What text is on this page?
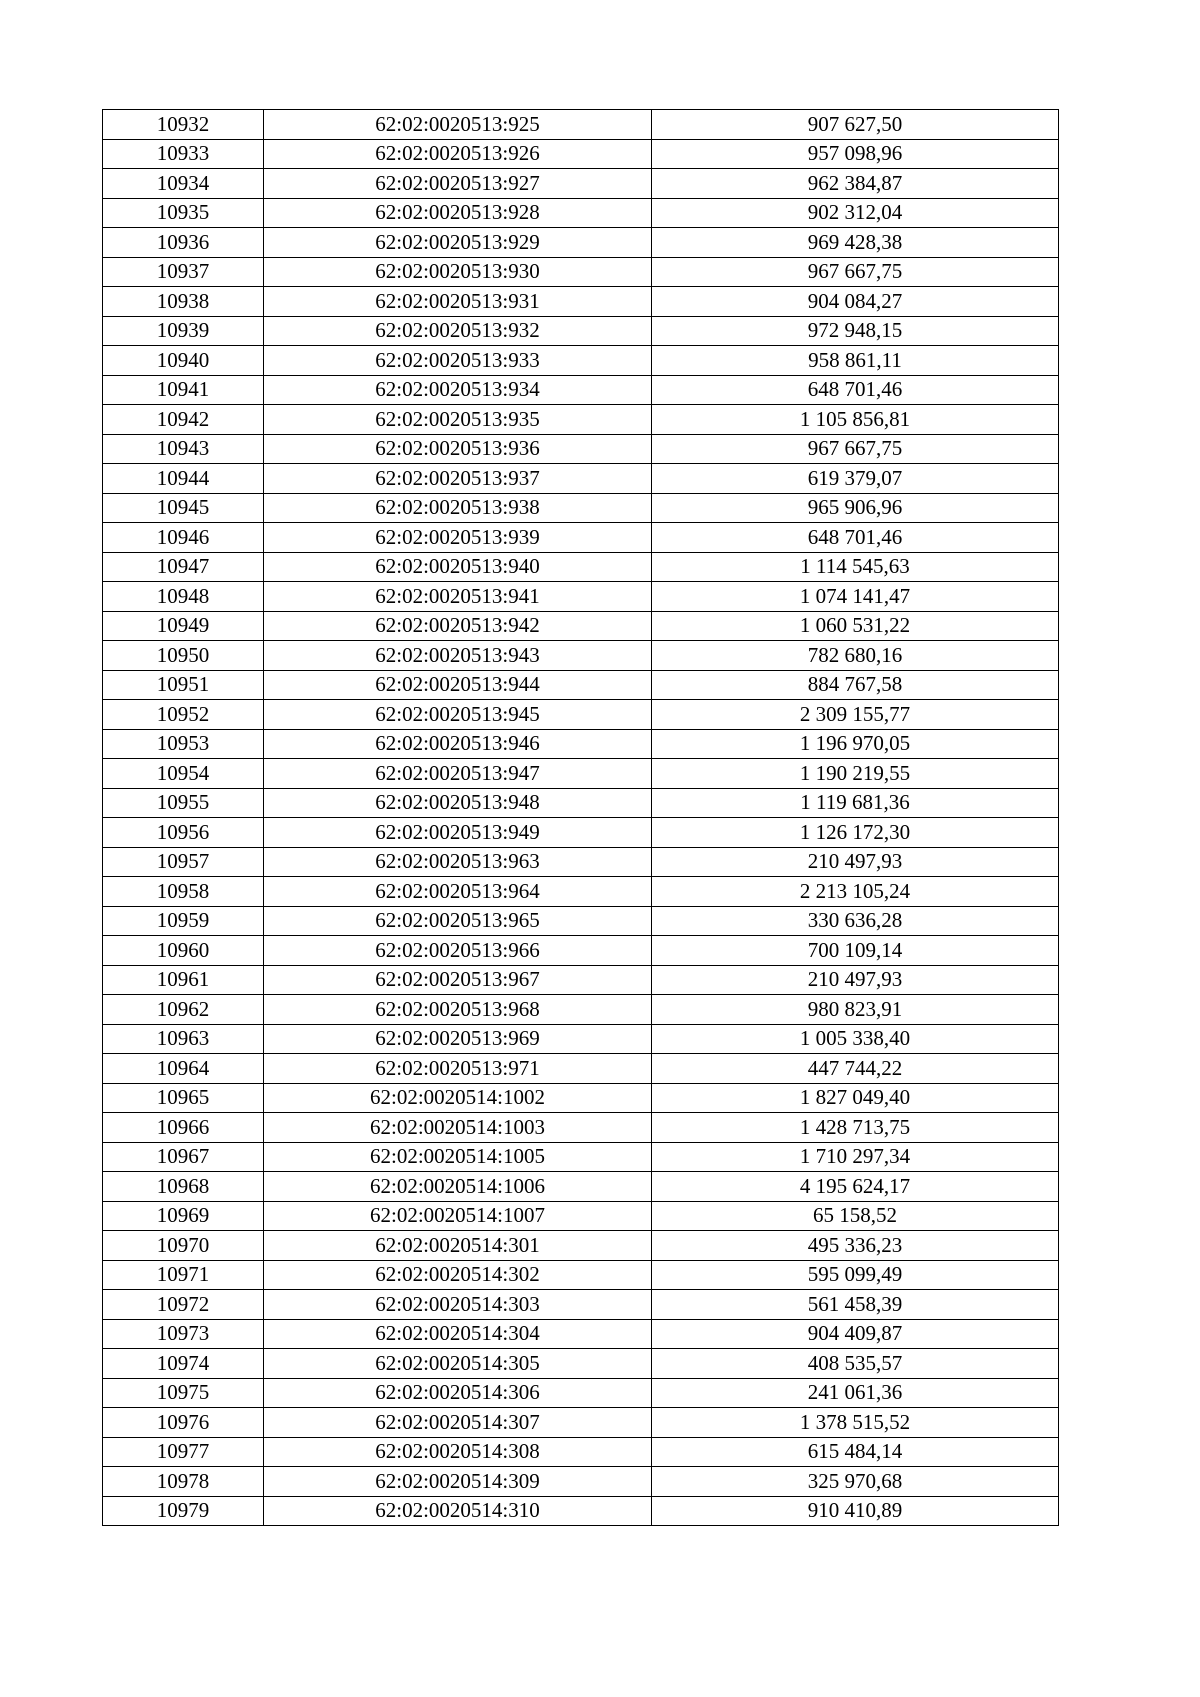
10932	62:02:0020513:925	907 627,50
10933	62:02:0020513:926	957 098,96
10934	62:02:0020513:927	962 384,87
10935	62:02:0020513:928	902 312,04
10936	62:02:0020513:929	969 428,38
10937	62:02:0020513:930	967 667,75
10938	62:02:0020513:931	904 084,27
10939	62:02:0020513:932	972 948,15
10940	62:02:0020513:933	958 861,11
10941	62:02:0020513:934	648 701,46
10942	62:02:0020513:935	1 105 856,81
10943	62:02:0020513:936	967 667,75
10944	62:02:0020513:937	619 379,07
10945	62:02:0020513:938	965 906,96
10946	62:02:0020513:939	648 701,46
10947	62:02:0020513:940	1 114 545,63
10948	62:02:0020513:941	1 074 141,47
10949	62:02:0020513:942	1 060 531,22
10950	62:02:0020513:943	782 680,16
10951	62:02:0020513:944	884 767,58
10952	62:02:0020513:945	2 309 155,77
10953	62:02:0020513:946	1 196 970,05
10954	62:02:0020513:947	1 190 219,55
10955	62:02:0020513:948	1 119 681,36
10956	62:02:0020513:949	1 126 172,30
10957	62:02:0020513:963	210 497,93
10958	62:02:0020513:964	2 213 105,24
10959	62:02:0020513:965	330 636,28
10960	62:02:0020513:966	700 109,14
10961	62:02:0020513:967	210 497,93
10962	62:02:0020513:968	980 823,91
10963	62:02:0020513:969	1 005 338,40
10964	62:02:0020513:971	447 744,22
10965	62:02:0020514:1002	1 827 049,40
10966	62:02:0020514:1003	1 428 713,75
10967	62:02:0020514:1005	1 710 297,34
10968	62:02:0020514:1006	4 195 624,17
10969	62:02:0020514:1007	65 158,52
10970	62:02:0020514:301	495 336,23
10971	62:02:0020514:302	595 099,49
10972	62:02:0020514:303	561 458,39
10973	62:02:0020514:304	904 409,87
10974	62:02:0020514:305	408 535,57
10975	62:02:0020514:306	241 061,36
10976	62:02:0020514:307	1 378 515,52
10977	62:02:0020514:308	615 484,14
10978	62:02:0020514:309	325 970,68
10979	62:02:0020514:310	910 410,89
